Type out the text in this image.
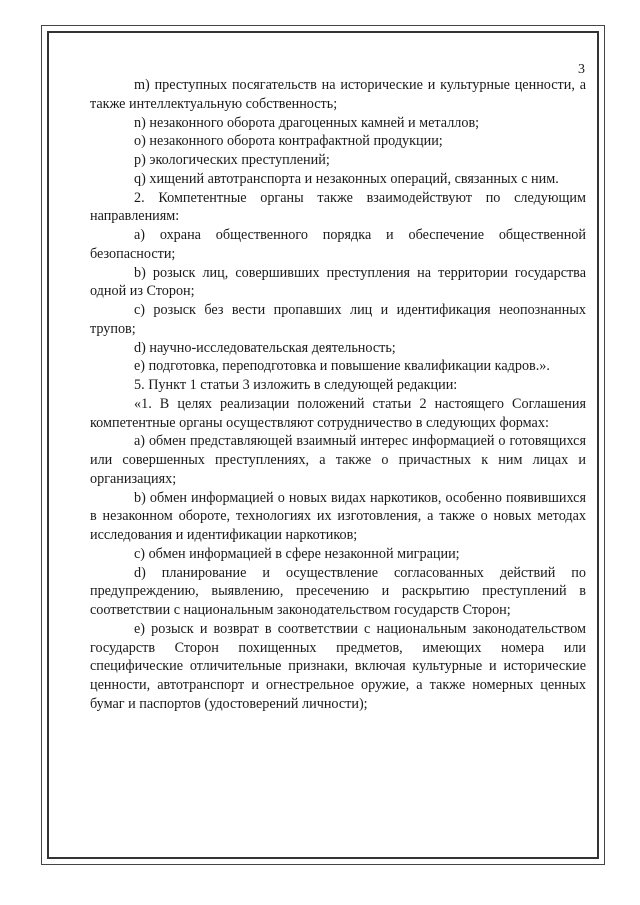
3

m) преступных посягательств на исторические и культурные ценности, а также интеллектуальную собственность;

n) незаконного оборота драгоценных камней и металлов;

o) незаконного оборота контрафактной продукции;

p) экологических преступлений;

q) хищений автотранспорта и незаконных операций, связанных с ним.

2. Компетентные органы также взаимодействуют по следующим направлениям:

a) охрана общественного порядка и обеспечение общественной безопасности;

b) розыск лиц, совершивших преступления на территории государства одной из Сторон;

c) розыск без вести пропавших лиц и идентификация неопознанных трупов;

d) научно-исследовательская деятельность;

e) подготовка, переподготовка и повышение квалификации кадров.».

5. Пункт 1 статьи 3 изложить в следующей редакции:

«1. В целях реализации положений статьи 2 настоящего Соглашения компетентные органы осуществляют сотрудничество в следующих формах:

a) обмен представляющей взаимный интерес информацией о готовящихся или совершенных преступлениях, а также о причастных к ним лицах и организациях;

b) обмен информацией о новых видах наркотиков, особенно появившихся в незаконном обороте, технологиях их изготовления, а также о новых методах исследования и идентификации наркотиков;

c) обмен информацией в сфере незаконной миграции;

d) планирование и осуществление согласованных действий по предупреждению, выявлению, пресечению и раскрытию преступлений в соответствии с национальным законодательством государств Сторон;

e) розыск и возврат в соответствии с национальным законодательством государств Сторон похищенных предметов, имеющих номера или специфические отличительные признаки, включая культурные и исторические ценности, автотранспорт и огнестрельное оружие, а также номерных ценных бумаг и паспортов (удостоверений личности);
